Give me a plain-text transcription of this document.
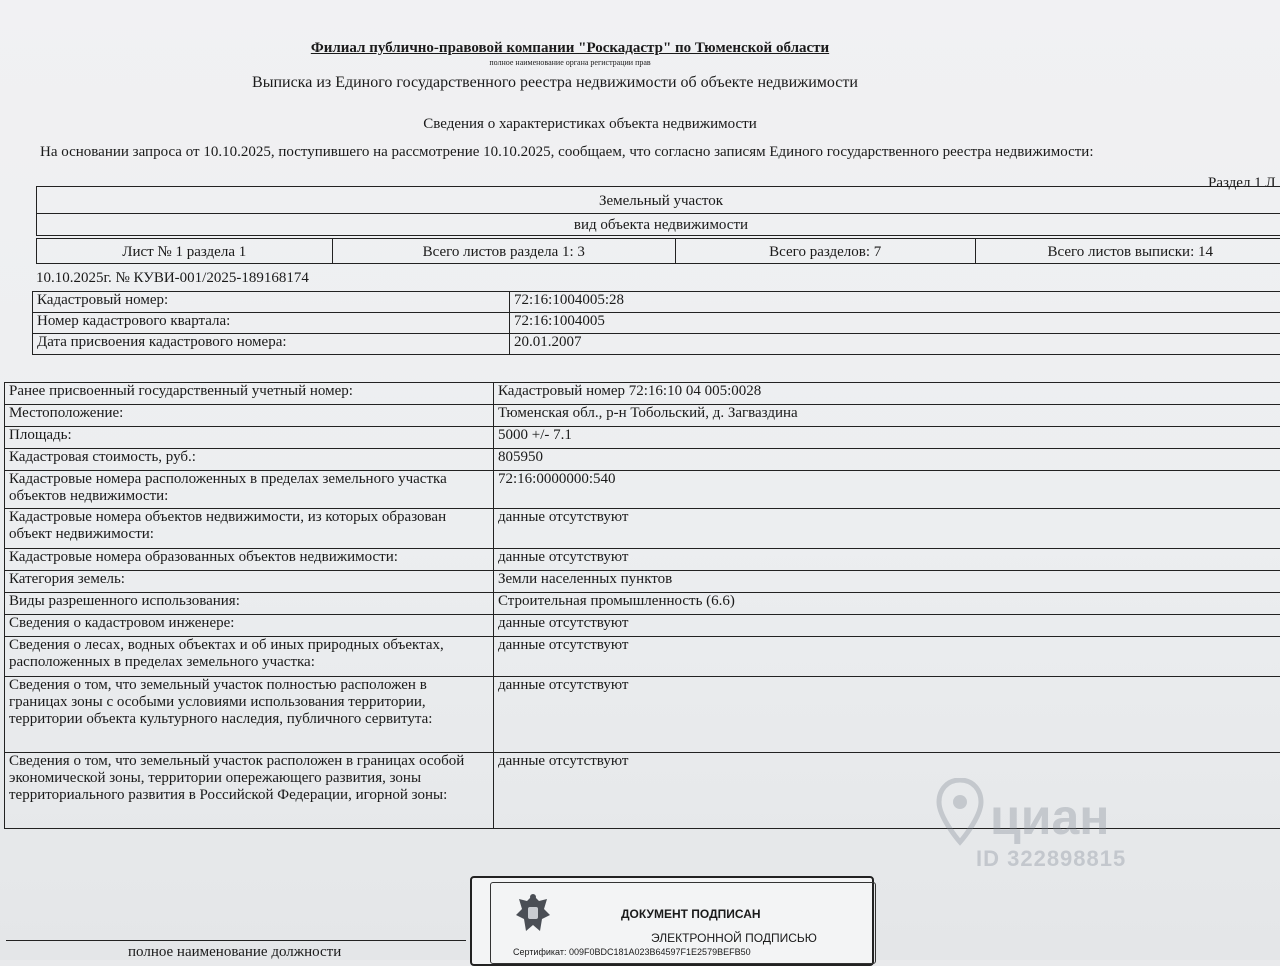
Филиал публично-правовой компании "Роскадастр" по Тюменской области
полное наименование органа регистрации прав
Выписка из Единого государственного реестра недвижимости об объекте недвижимости
Сведения о характеристиках объекта недвижимости
На основании запроса от 10.10.2025, поступившего на рассмотрение 10.10.2025, сообщаем, что согласно записям Единого государственного реестра недвижимости:
Раздел 1 Л
Земельный участок
вид объекта недвижимости
Лист № 1 раздела 1	Всего листов раздела 1: 3	Всего разделов: 7	Всего листов выписки: 14
10.10.2025г. № КУВИ-001/2025-189168174
Кадастровый номер:	72:16:1004005:28
Номер кадастрового квартала:	72:16:1004005
Дата присвоения кадастрового номера:	20.01.2007
Ранее присвоенный государственный учетный номер:	Кадастровый номер 72:16:10 04 005:0028
Местоположение:	Тюменская обл., р-н Тобольский, д. Загваздина
Площадь:	5000 +/- 7.1
Кадастровая стоимость, руб.:	805950
Кадастровые номера расположенных в пределах земельного участка объектов недвижимости:	72:16:0000000:540
Кадастровые номера объектов недвижимости, из которых образован объект недвижимости:	данные отсутствуют
Кадастровые номера образованных объектов недвижимости:	данные отсутствуют
Категория земель:	Земли населенных пунктов
Виды разрешенного использования:	Строительная промышленность (6.6)
Сведения о кадастровом инженере:	данные отсутствуют
Сведения о лесах, водных объектах и об иных природных объектах, расположенных в пределах земельного участка:	данные отсутствуют
Сведения о том, что земельный участок полностью расположен в границах зоны с особыми условиями использования территории, территории объекта культурного наследия, публичного сервитута:	данные отсутствуют
Сведения о том, что земельный участок расположен в границах особой экономической зоны, территории опережающего развития, зоны территориального развития в Российской Федерации, игорной зоны:	данные отсутствуют
циан
ID 322898815
ДОКУМЕНТ ПОДПИСАН
ЭЛЕКТРОННОЙ ПОДПИСЬЮ
Сертификат: 009F0BDC181A023B64597F1E2579BEFB50
полное наименование должности
